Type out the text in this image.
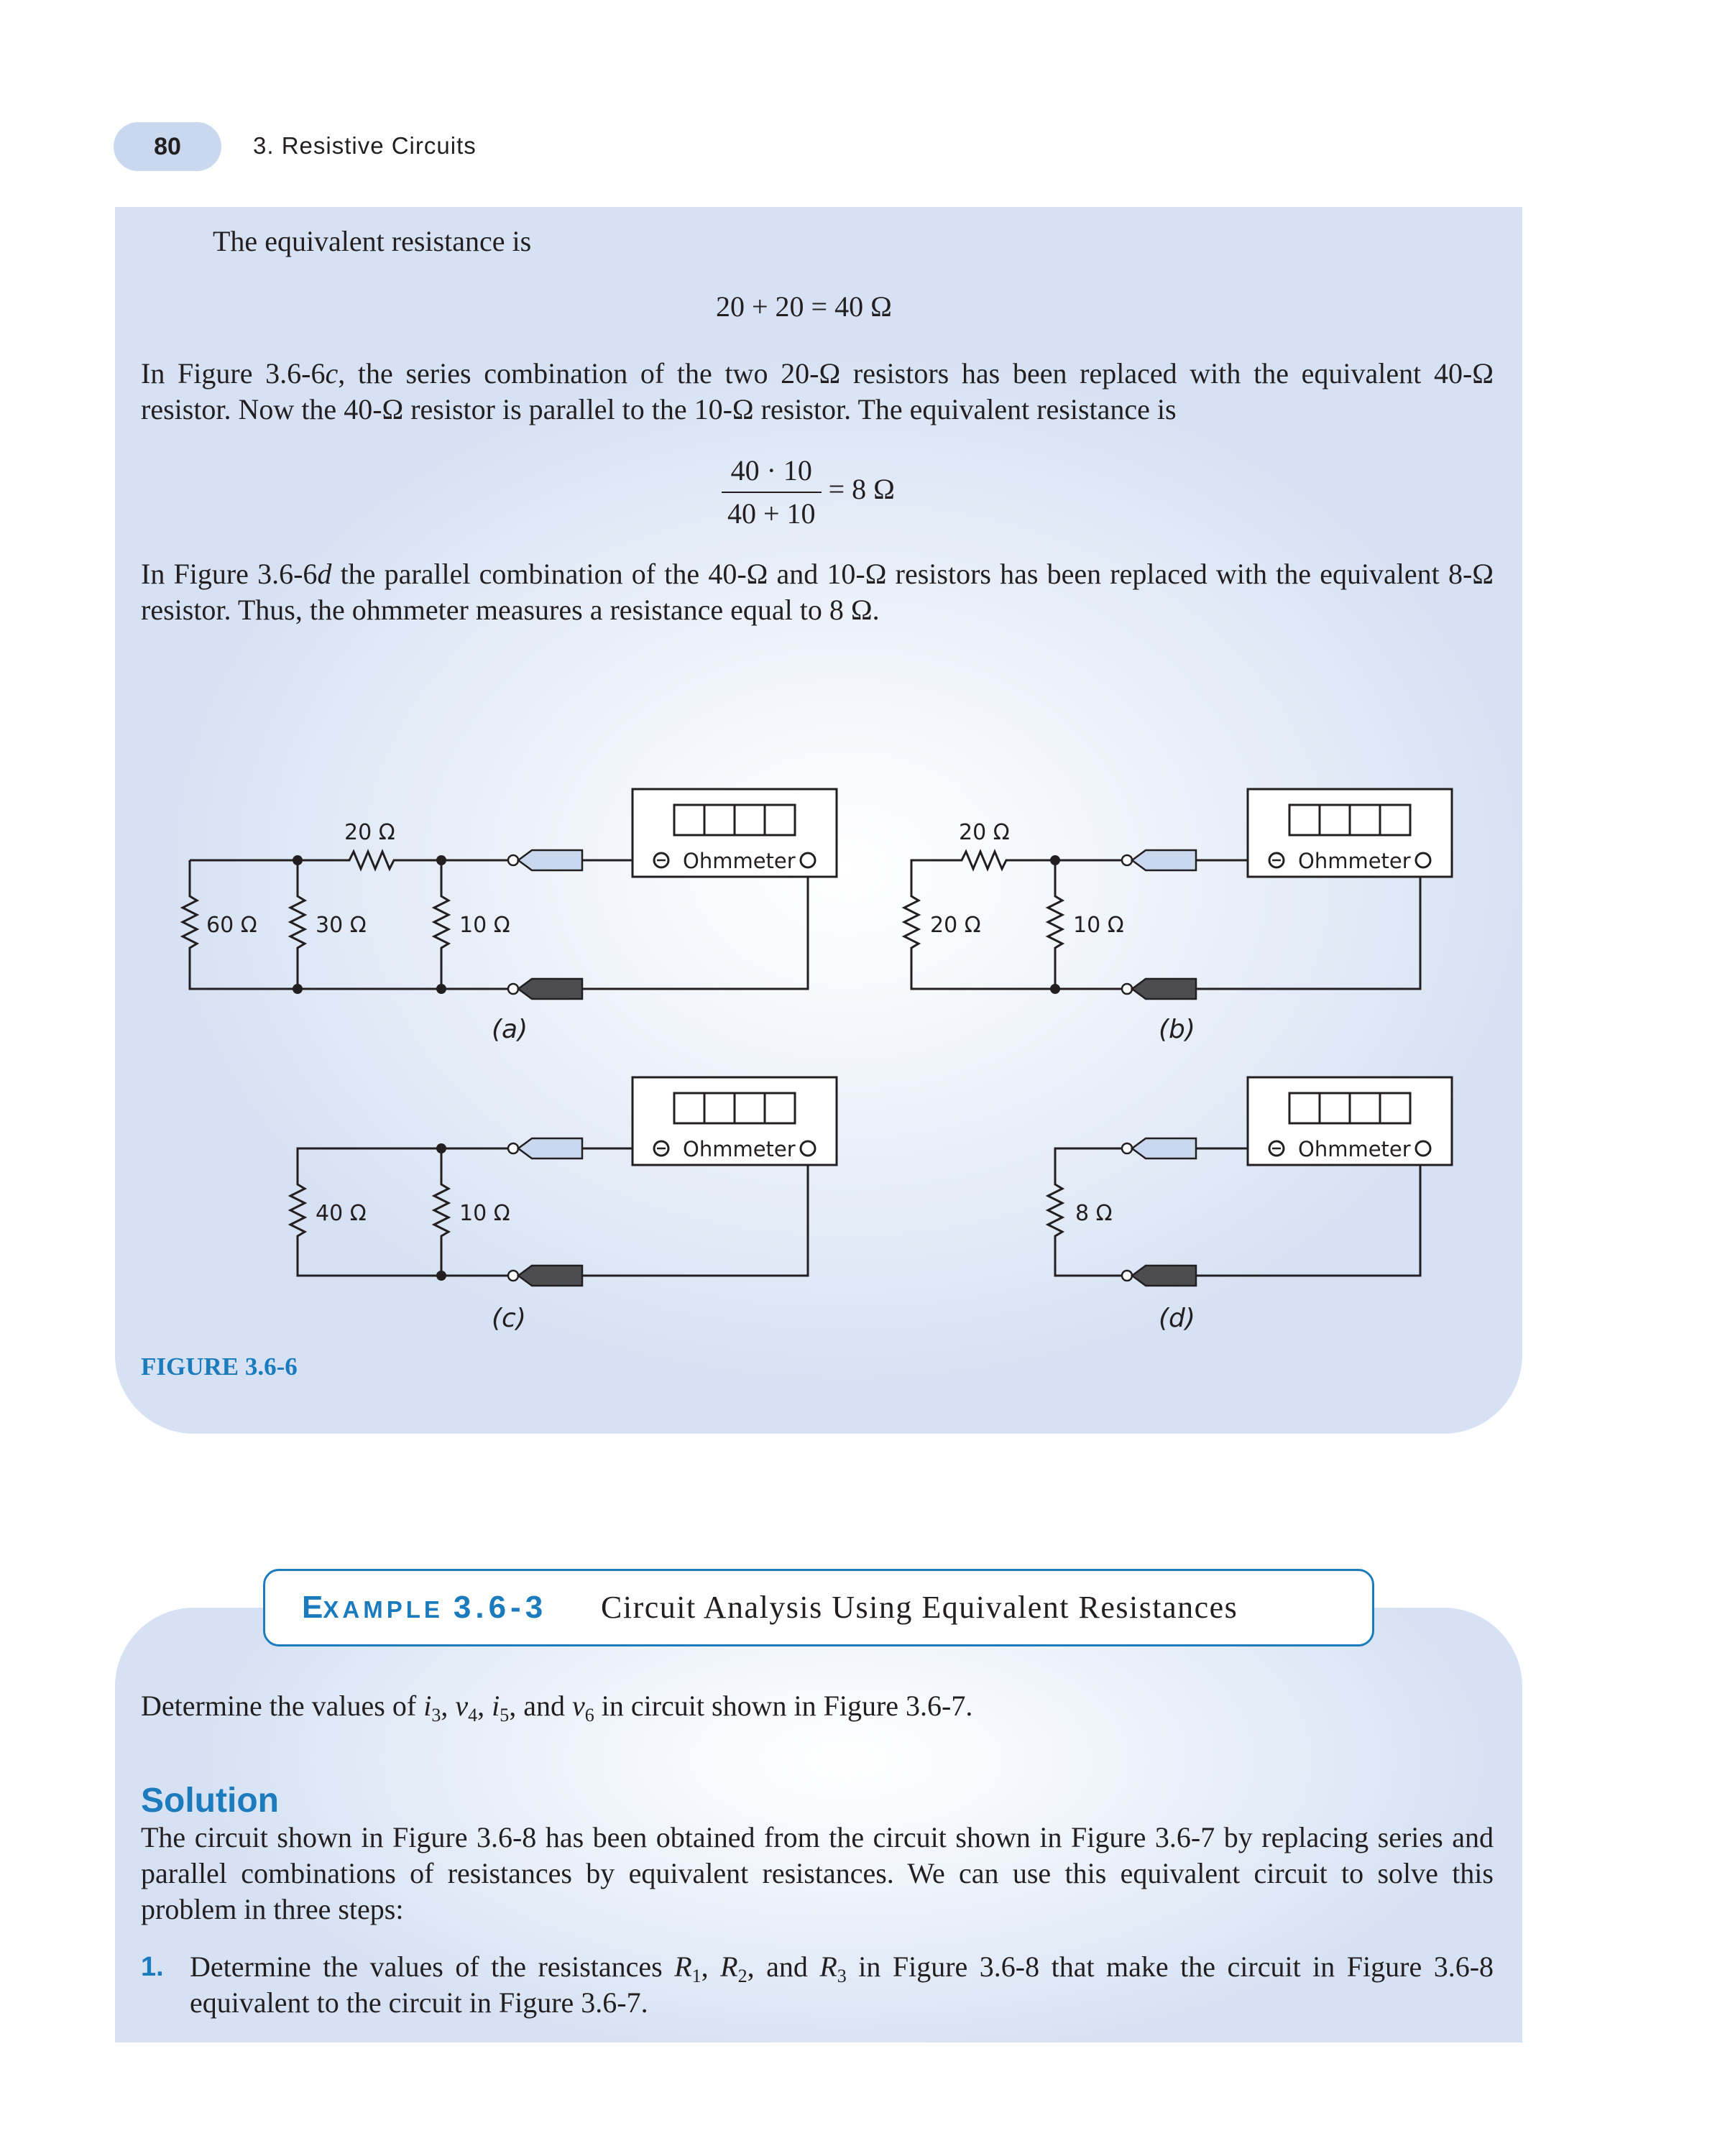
80	3. Resistive Circuits
The equivalent resistance is
20 + 20 = 40 Ω
In Figure 3.6-6c, the series combination of the two 20-Ω resistors has been replaced with the equivalent 40-Ω resistor. Now the 40-Ω resistor is parallel to the 10-Ω resistor. The equivalent resistance is
$\frac{40 \cdot 10}{40 + 10} = 8$ Ω
In Figure 3.6-6d the parallel combination of the 40-Ω and 10-Ω resistors has been replaced with the equivalent 8-Ω resistor. Thus, the ohmmeter measures a resistance equal to 8 Ω.
Ohmmeter
60 Ω	30 Ω
20 Ω
10 Ω
(a)
Ohmmeter
20 Ω
20 Ω	10 Ω
(b)
Ohmmeter
40 Ω	10 Ω
(c)
Ohmmeter
8 Ω
(d)
FIGURE 3.6-6
EXAMPLE 3.6-3 Circuit Analysis Using Equivalent Resistances
Determine the values of $i_3$, $v_4$, $i_5$, and $v_6$ in circuit shown in Figure 3.6-7.
Solution
The circuit shown in Figure 3.6-8 has been obtained from the circuit shown in Figure 3.6-7 by replacing series and parallel combinations of resistances by equivalent resistances. We can use this equivalent circuit to solve this problem in three steps:
1. Determine the values of the resistances $R_1$, $R_2$, and $R_3$ in Figure 3.6-8 that make the circuit in Figure 3.6-8 equivalent to the circuit in Figure 3.6-7.
